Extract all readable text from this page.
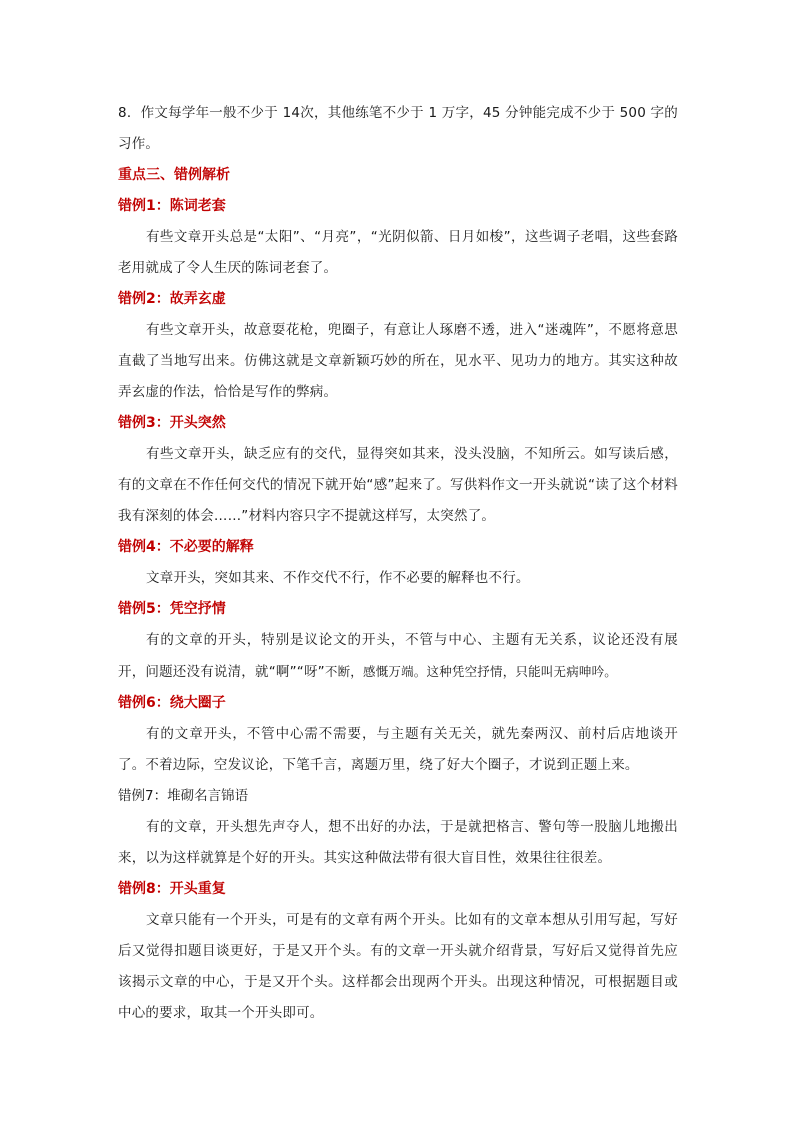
8．作文每学年一般不少于 14次，其他练笔不少于 1 万字，45 分钟能完成不少于 500 字的习作。

重点三、错例解析

错例1：陈词老套

有些文章开头总是“太阳”、“月亮”，“光阴似箭、日月如梭”，这些调子老唱，这些套路老用就成了令人生厌的陈词老套了。

错例2：故弄玄虚

有些文章开头，故意耍花枪，兜圈子，有意让人琢磨不透，进入“迷魂阵”，不愿将意思直截了当地写出来。仿佛这就是文章新颖巧妙的所在，见水平、见功力的地方。其实这种故弄玄虚的作法，恰恰是写作的弊病。

错例3：开头突然

有些文章开头，缺乏应有的交代，显得突如其来，没头没脑，不知所云。如写读后感，有的文章在不作任何交代的情况下就开始“感”起来了。写供料作文一开头就说“读了这个材料我有深刻的体会……”材料内容只字不提就这样写，太突然了。

错例4：不必要的解释

文章开头，突如其来、不作交代不行，作不必要的解释也不行。

错例5：凭空抒情

有的文章的开头，特别是议论文的开头，不管与中心、主题有无关系，议论还没有展开，问题还没有说清，就“啊”“呀”不断，感慨万端。这种凭空抒情，只能叫无病呻吟。

错例6：绕大圈子

有的文章开头，不管中心需不需要，与主题有关无关，就先秦两汉、前村后店地谈开了。不着边际，空发议论，下笔千言，离题万里，绕了好大个圈子，才说到正题上来。

错例7：堆砌名言锦语

有的文章，开头想先声夺人，想不出好的办法，于是就把格言、警句等一股脑儿地搬出来，以为这样就算是个好的开头。其实这种做法带有很大盲目性，效果往往很差。

错例8：开头重复

文章只能有一个开头，可是有的文章有两个开头。比如有的文章本想从引用写起，写好后又觉得扣题目谈更好，于是又开个头。有的文章一开头就介绍背景，写好后又觉得首先应该揭示文章的中心，于是又开个头。这样都会出现两个开头。出现这种情况，可根据题目或中心的要求，取其一个开头即可。
